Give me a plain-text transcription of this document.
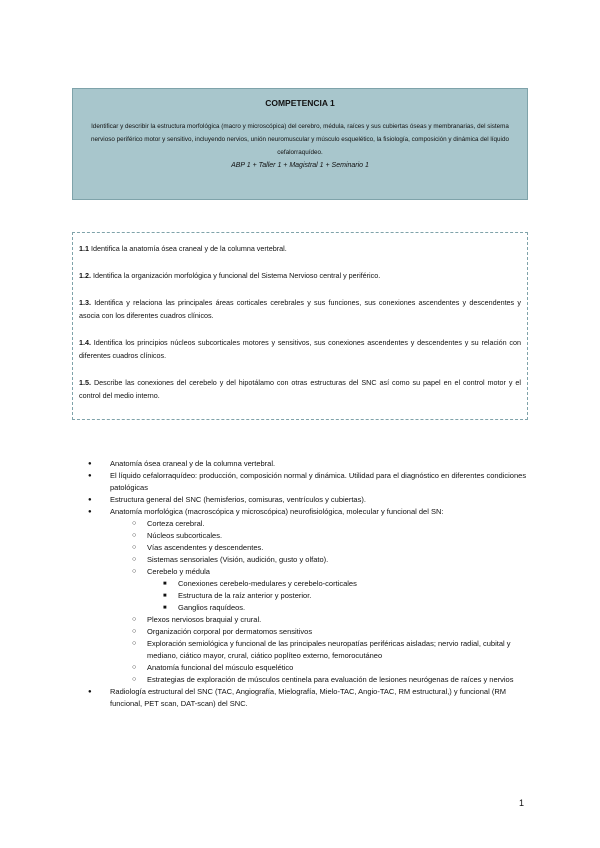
COMPETENCIA 1
Identificar y describir la estructura morfológica (macro y microscópica) del cerebro, médula, raíces y sus cubiertas óseas y membranarias, del sistema nervioso periférico motor y sensitivo, incluyendo nervios, unión neuromuscular y músculo esquelético, la fisiología, composición y dinámica del líquido cefalorraquídeo.
ABP 1 + Taller 1 + Magistral 1 + Seminario 1

1.1 Identifica la anatomía ósea craneal y de la columna vertebral.

1.2. Identifica la organización morfológica y funcional del Sistema Nervioso central y periférico.

1.3. Identifica y relaciona las principales áreas corticales cerebrales y sus funciones, sus conexiones ascendentes y descendentes y asocia con los diferentes cuadros clínicos.

1.4. Identifica los principios núcleos subcorticales motores y sensitivos, sus conexiones ascendentes y descendentes y su relación con diferentes cuadros clínicos.

1.5. Describe las conexiones del cerebelo y del hipotálamo con otras estructuras del SNC así como su papel en el control motor y el control del medio interno.

● Anatomía ósea craneal y de la columna vertebral.
● El líquido cefalorraquídeo: producción, composición normal y dinámica. Utilidad para el diagnóstico en diferentes condiciones patológicas
● Estructura general del SNC (hemisferios, comisuras, ventrículos y cubiertas).
● Anatomía morfológica (macroscópica y microscópica) neurofisiológica, molecular y funcional del SN:
○ Corteza cerebral.
○ Núcleos subcorticales.
○ Vías ascendentes y descendentes.
○ Sistemas sensoriales (Visión, audición, gusto y olfato).
○ Cerebelo y médula
■ Conexiones cerebelo-medulares y cerebelo-corticales
■ Estructura de la raíz anterior y posterior.
■ Ganglios raquídeos.
○ Plexos nerviosos braquial y crural.
○ Organización corporal por dermatomos sensitivos
○ Exploración semiológica y funcional de las principales neuropatías periféricas aisladas; nervio radial, cubital y mediano, ciático mayor, crural, ciático poplíteo externo, femorocutáneo
○ Anatomía funcional del músculo esquelético
○ Estrategias de exploración de músculos centinela para evaluación de lesiones neurógenas de raíces y nervios
● Radiología estructural del SNC (TAC, Angiografía, Mielografía, Mielo-TAC, Angio-TAC, RM estructural,) y funcional (RM funcional, PET scan, DAT-scan) del SNC.
1
